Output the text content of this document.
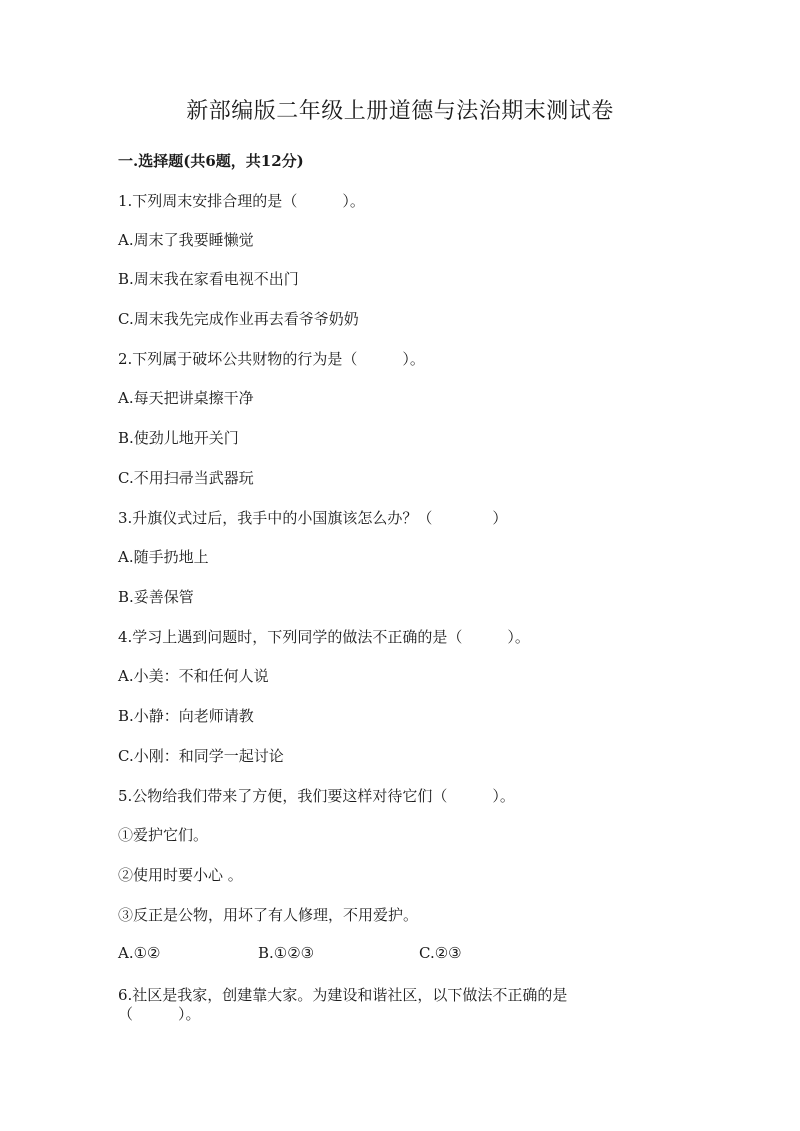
新部编版二年级上册道德与法治期末测试卷
一.选择题(共6题，共12分)
1.下列周末安排合理的是（　　　）。
A.周末了我要睡懒觉
B.周末我在家看电视不出门
C.周末我先完成作业再去看爷爷奶奶
2.下列属于破坏公共财物的行为是（　　　）。
A.每天把讲桌擦干净
B.使劲儿地开关门
C.不用扫帚当武器玩
3.升旗仪式过后，我手中的小国旗该怎么办？（　　　　）
A.随手扔地上
B.妥善保管
4.学习上遇到问题时，下列同学的做法不正确的是（　　　）。
A.小美：不和任何人说
B.小静：向老师请教
C.小刚：和同学一起讨论
5.公物给我们带来了方便，我们要这样对待它们（　　　）。
①爱护它们。
②使用时要小心 。
③反正是公物，用坏了有人修理，不用爱护。
A.①②	B.①②③	C.②③
6.社区是我家，创建靠大家。为建设和谐社区，以下做法不正确的是
（　　　）。
